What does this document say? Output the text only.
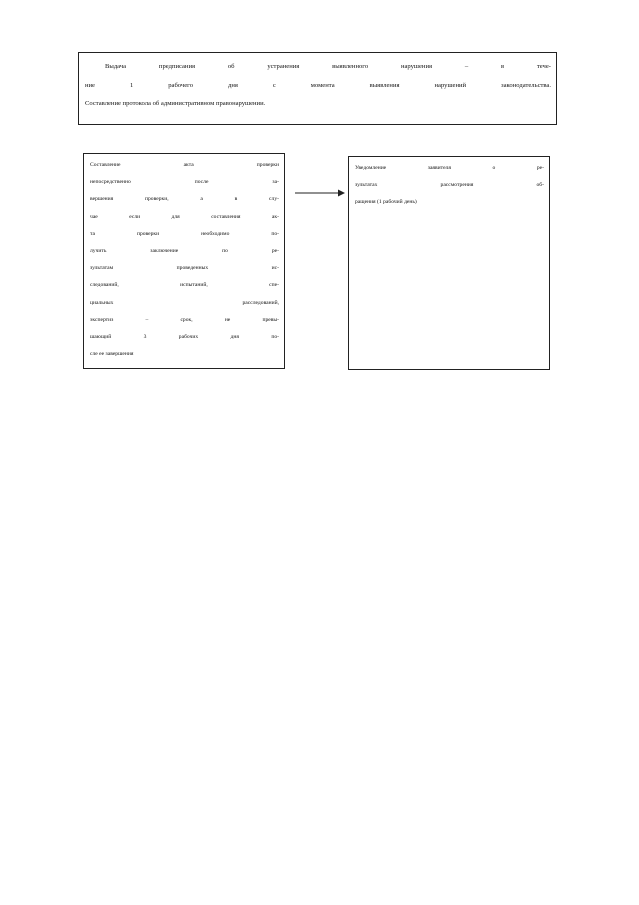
Выдача предписания об устранения выявленного нарушения – в тече-
ние 1 рабочего дня с момента выявления нарушений законодательства.
Составление протокола об административном правонарушении.

Составление акта проверки
непосредственно после за-
вершения проверки, а в слу-
чае если для составления ак-
та проверки необходимо по-
лучить заключение по ре-
зультатам проведенных ис-
следований, испытаний, спе-
циальных расследований,
экспертиз – срок, не превы-
шающий 3 рабочих дня по-
сле ее завершения

Уведомление заявителя о ре-
зультатах рассмотрения об-
ращения (1 рабочий день)
